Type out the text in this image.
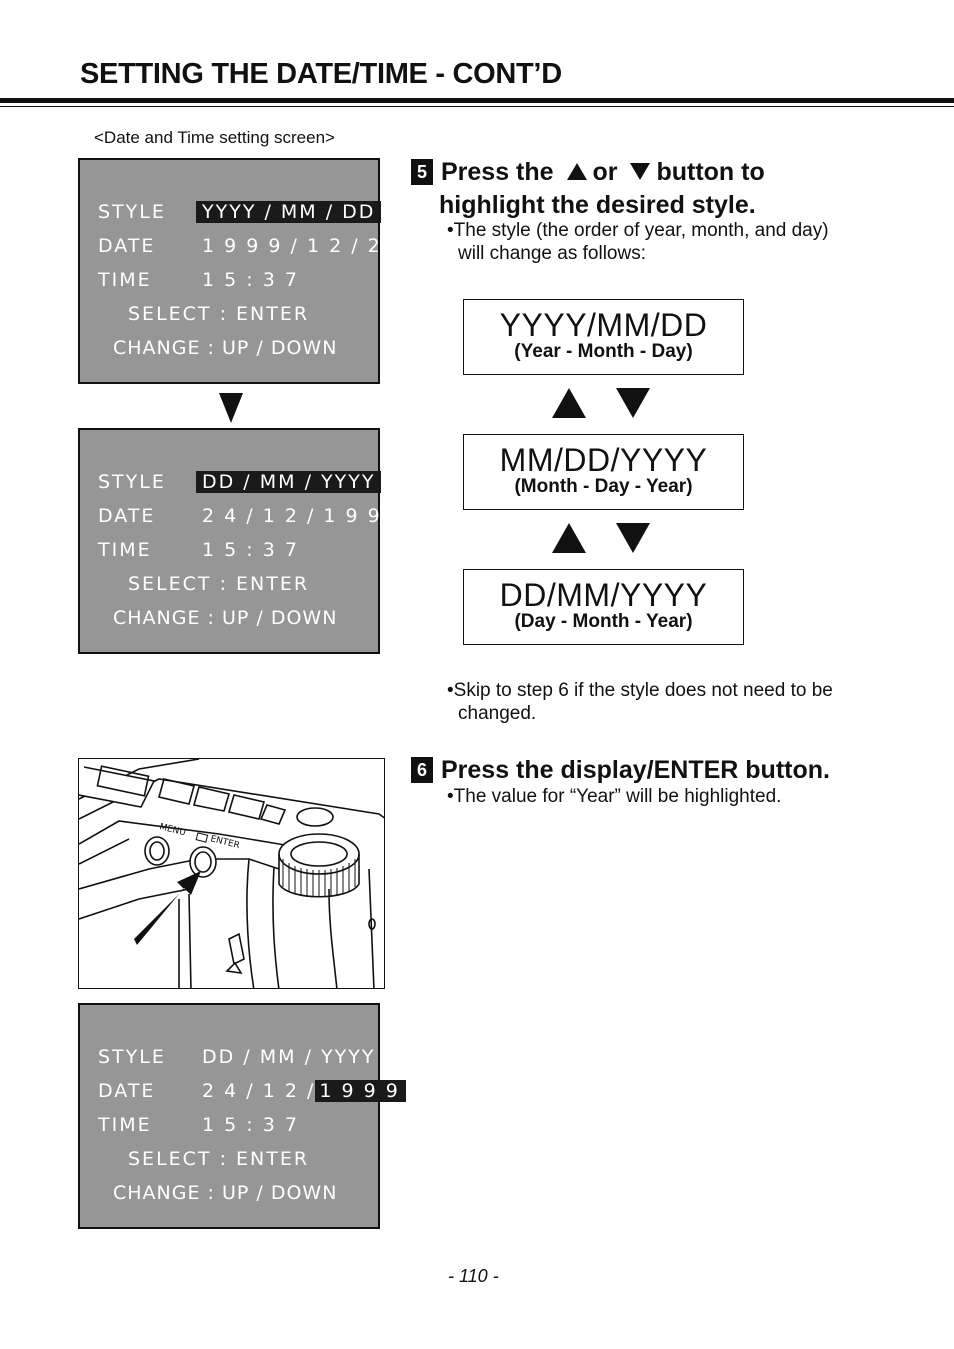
SETTING THE DATE/TIME - CONT’D
<Date and Time setting screen>
STYLE YYYY / MM / DD
DATE 1 9 9 9 / 1 2 / 2 4
TIME	1 5 : 3 7
SELECT : ENTER
CHANGE : UP / DOWN
STYLE DD / MM / YYYY
DATE 2 4 / 1 2 / 1 9 9 9
TIME	1 5 : 3 7
SELECT : ENTER
CHANGE : UP / DOWN
5 Press the or button to
highlight the desired style.
•The style (the order of year, month, and day)
will change as follows:
YYYY/MM/DD
(Year - Month - Day)
MM/DD/YYYY
(Month - Day - Year)
DD/MM/YYYY
(Day - Month - Year)
•Skip to step 6 if the style does not need to be
changed.
MENU
ENTER
6 Press the display/ENTER button.
•The value for “Year” will be highlighted.
STYLE DD / MM / YYYY
DATE 2 4 / 1 2 / 1 9 9 9
TIME	1 5 : 3 7
SELECT : ENTER
CHANGE : UP / DOWN
- 110 -
